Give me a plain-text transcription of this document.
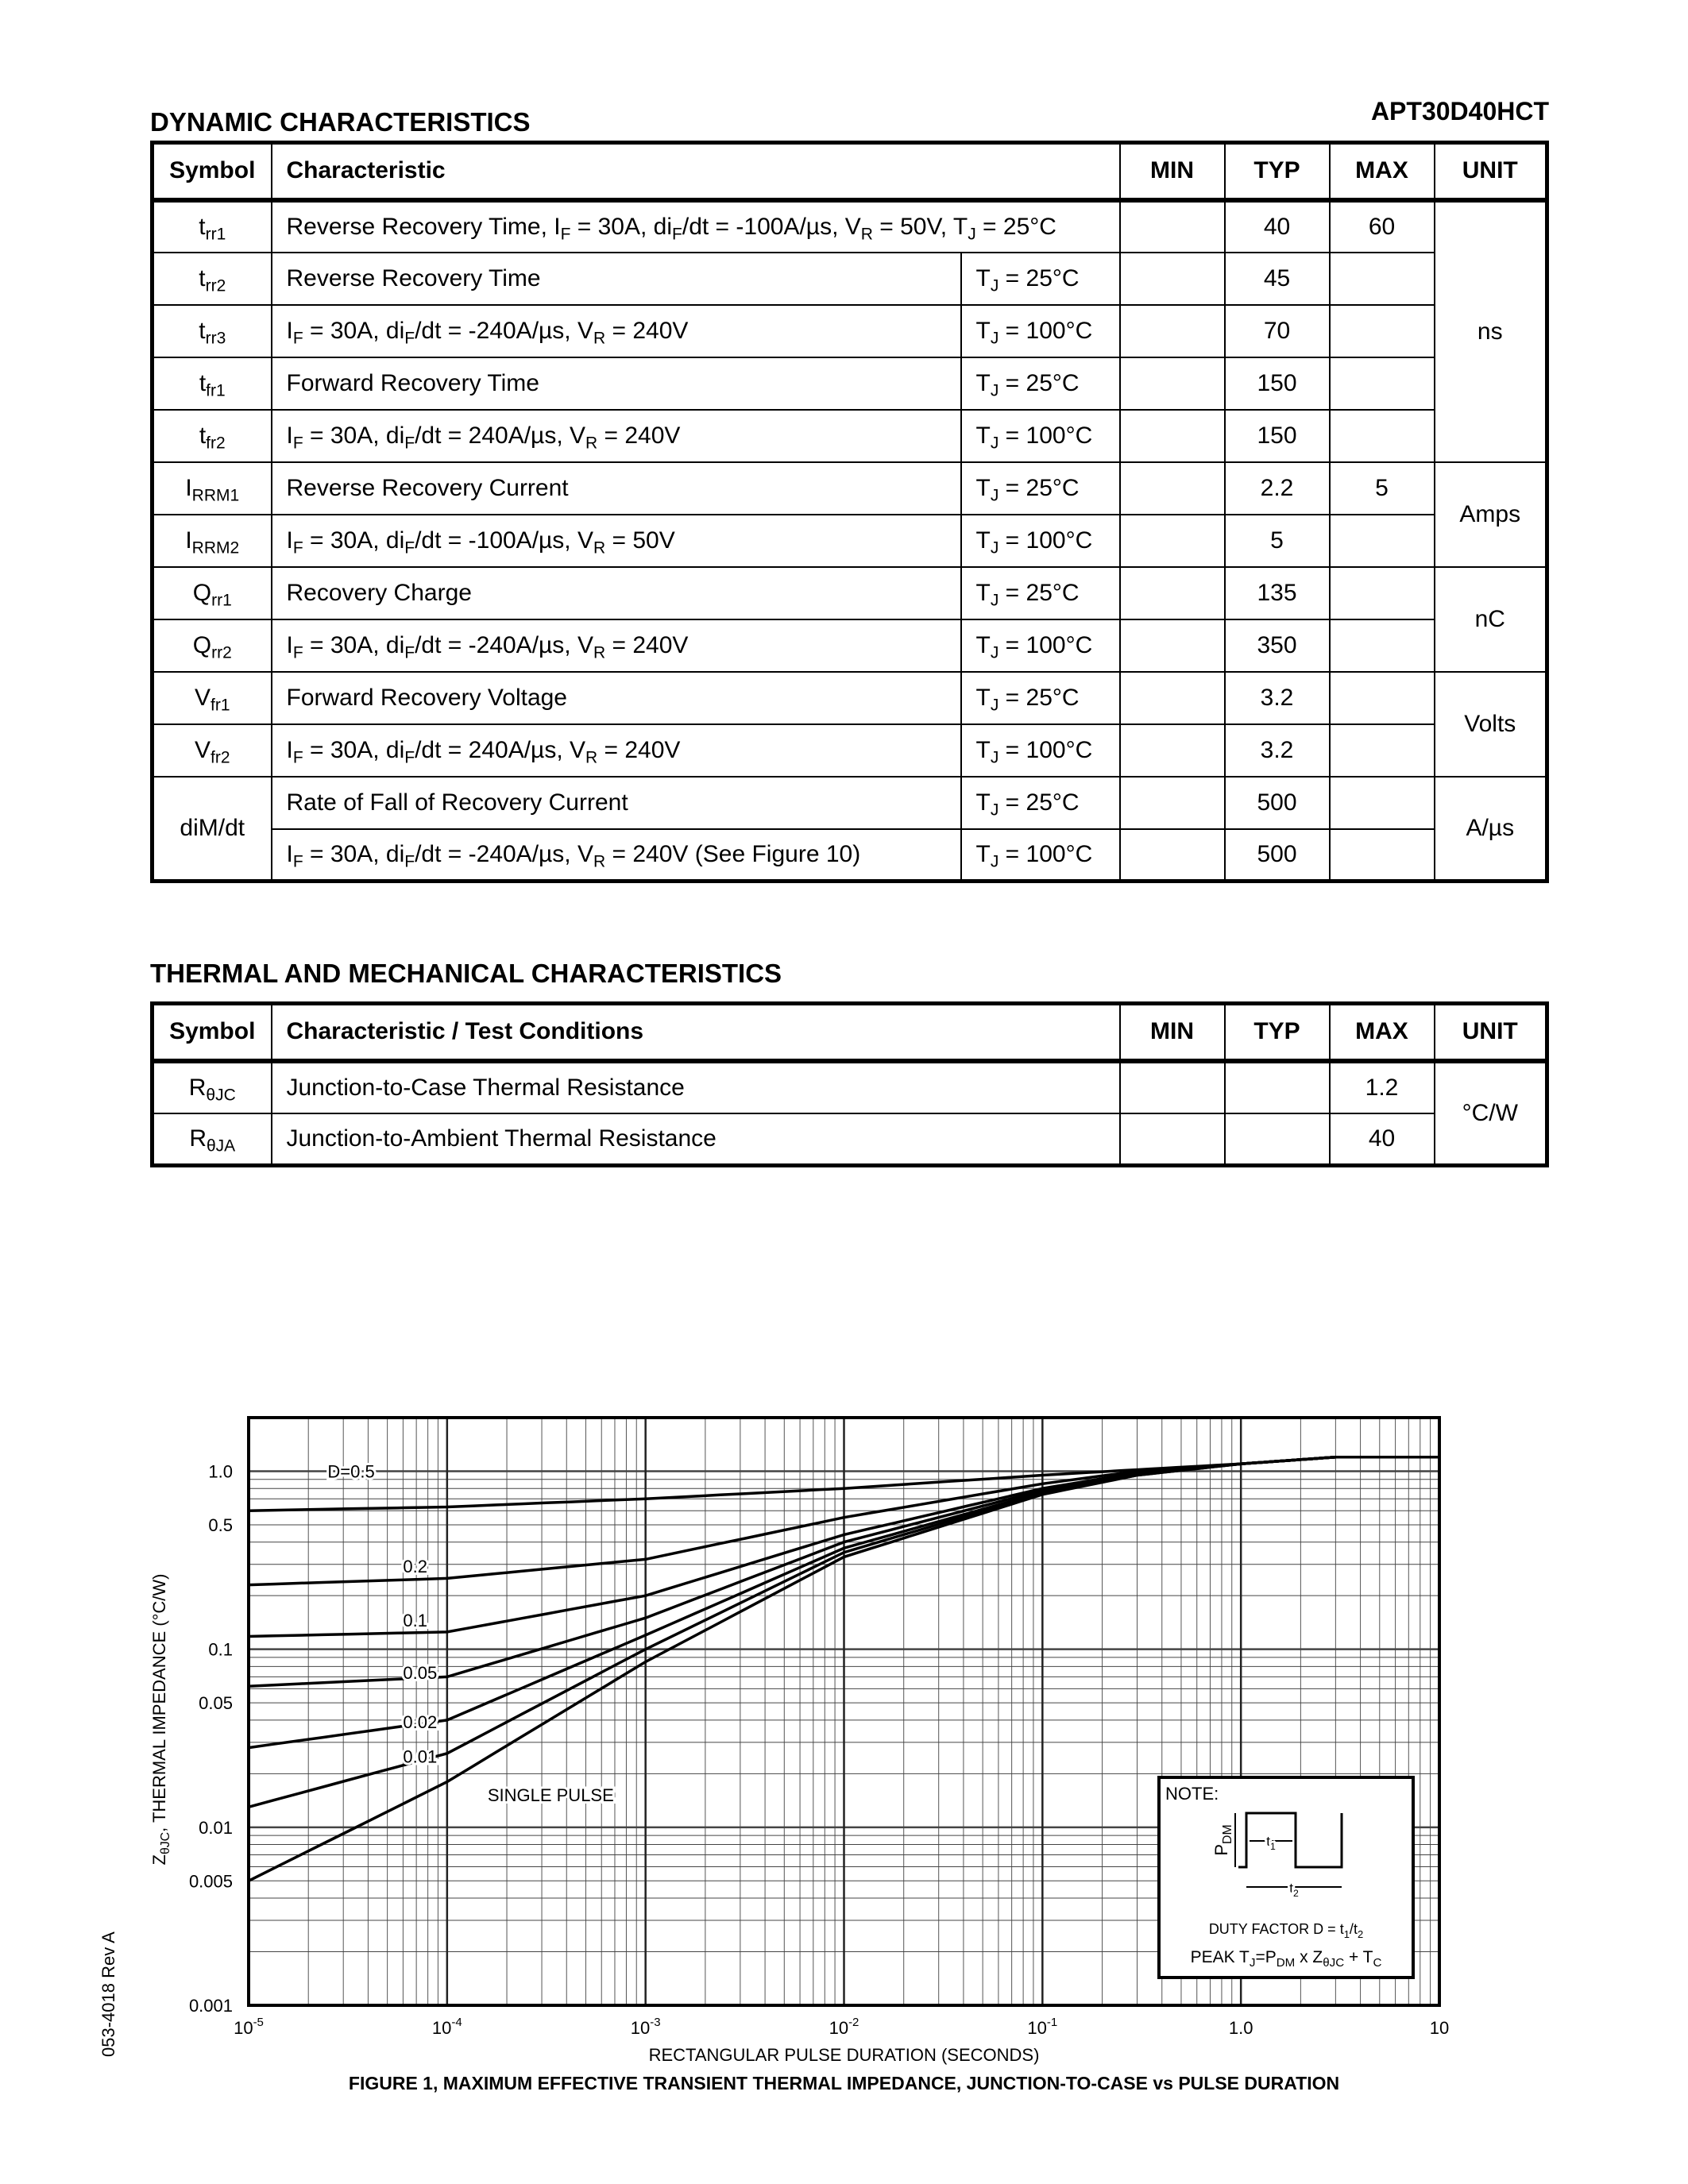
APT30D40HCT
DYNAMIC CHARACTERISTICS
Symbol	Characteristic		MIN	TYP	MAX	UNIT
$t_{rr1}$	Reverse Recovery Time, $I_F = 30A$, $di_F/dt = -100A/\mu s$, $V_R = 50V$, $T_J = 25^\circ C$			40	60	ns
$t_{rr2}$	Reverse Recovery Time	$T_J = 25^\circ C$		45		
$t_{rr3}$	$I_F = 30A$, $di_F/dt = -240A/\mu s$, $V_R = 240V$	$T_J = 100^\circ C$		70		
$t_{fr1}$	Forward Recovery Time	$T_J = 25^\circ C$		150		
$t_{fr2}$	$I_F = 30A$, $di_F/dt = 240A/\mu s$, $V_R = 240V$	$T_J = 100^\circ C$		150		
$I_{RRM1}$	Reverse Recovery Current	$T_J = 25^\circ C$		2.2	5	Amps
$I_{RRM2}$	$I_F = 30A$, $di_F/dt = -100A/\mu s$, $V_R = 50V$	$T_J = 100^\circ C$		5		
$Q_{rr1}$	Recovery Charge	$T_J = 25^\circ C$		135		nC
$Q_{rr2}$	$I_F = 30A$, $di_F/dt = -240A/\mu s$, $V_R = 240V$	$T_J = 100^\circ C$		350		
$V_{fr1}$	Forward Recovery Voltage	$T_J = 25^\circ C$		3.2		Volts
$V_{fr2}$	$I_F = 30A$, $di_F/dt = 240A/\mu s$, $V_R = 240V$	$T_J = 100^\circ C$		3.2		
diM/dt	Rate of Fall of Recovery Current	$T_J = 25^\circ C$		500		A/µs
	$I_F = 30A$, $di_F/dt = -240A/\mu s$, $V_R = 240V$ (See Figure 10)	$T_J = 100^\circ C$		500		
THERMAL AND MECHANICAL CHARACTERISTICS
Symbol	Characteristic / Test Conditions	MIN	TYP	MAX	UNIT
$R_{\theta JC}$	Junction-to-Case Thermal Resistance			1.2	°C/W
$R_{\theta JA}$	Junction-to-Ambient Thermal Resistance			40	
1.0
0.5
0.1
0.05
0.01
0.005
0.001
$10^{-5}$	$10^{-4}$	$10^{-3}$	$10^{-2}$	$10^{-1}$	1.0	10
RECTANGULAR PULSE DURATION (SECONDS)
$Z_{\theta JC}$, THERMAL IMPEDANCE (°C/W)
FIGURE 1, MAXIMUM EFFECTIVE TRANSIENT THERMAL IMPEDANCE, JUNCTION-TO-CASE vs PULSE DURATION
D=0.5
0.2
0.1
0.05
0.02
0.01
SINGLE PULSE	NOTE:
$P_{DM}$ $t_1$
$t_2$
DUTY FACTOR $D = t_1/t_2$
PEAK $T_J=P_{DM}$ x $Z_{\theta JC} + T_C$
053-4018 Rev A
